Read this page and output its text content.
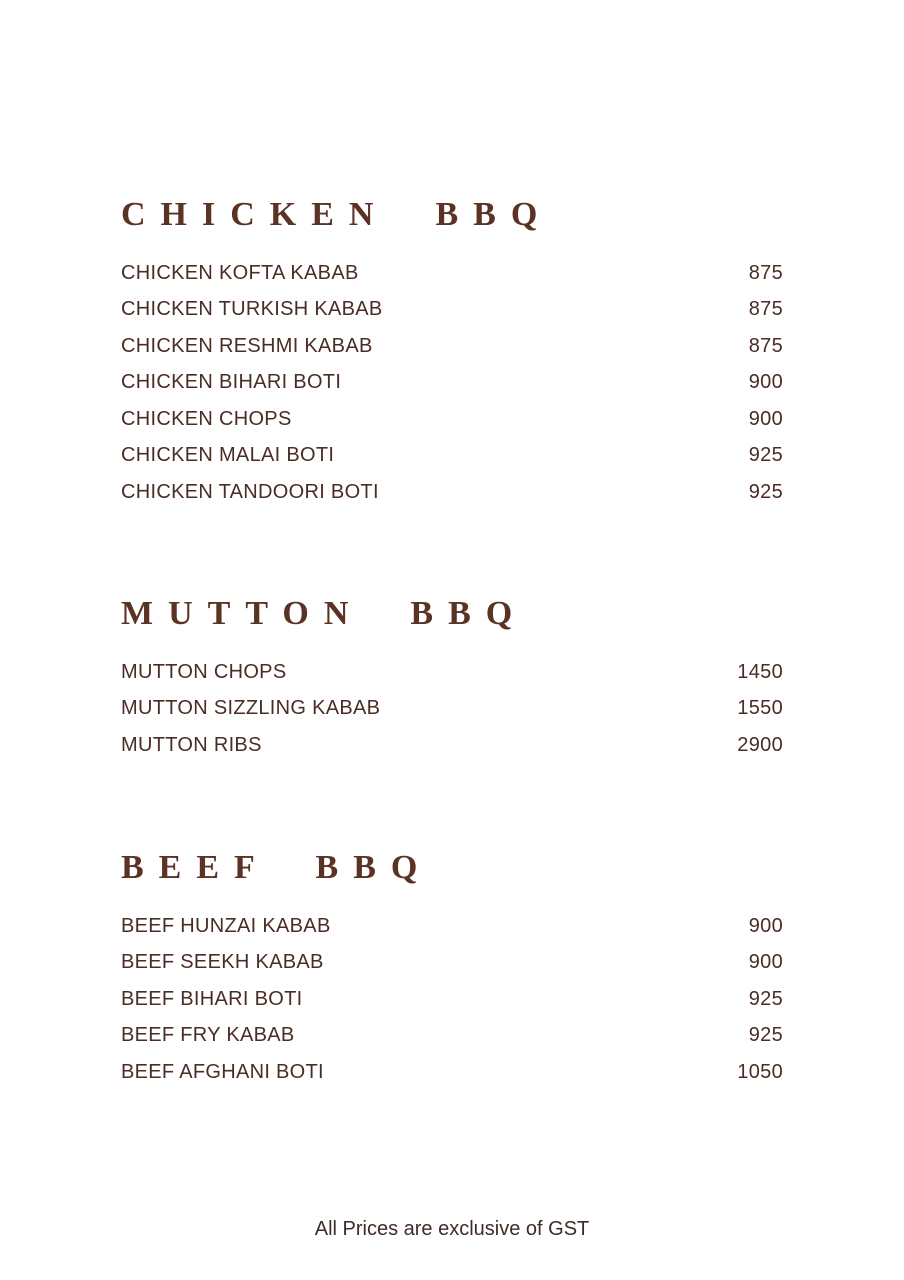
CHICKEN  BBQ
CHICKEN KOFTA KABAB	875
CHICKEN TURKISH KABAB	875
CHICKEN RESHMI KABAB	875
CHICKEN BIHARI BOTI	900
CHICKEN CHOPS	900
CHICKEN MALAI BOTI	925
CHICKEN TANDOORI BOTI	925
MUTTON  BBQ
MUTTON CHOPS	1450
MUTTON SIZZLING KABAB	1550
MUTTON RIBS	2900
BEEF  BBQ
BEEF HUNZAI KABAB	900
BEEF SEEKH KABAB	900
BEEF BIHARI BOTI	925
BEEF FRY KABAB	925
BEEF AFGHANI BOTI	1050
All Prices are exclusive of GST
